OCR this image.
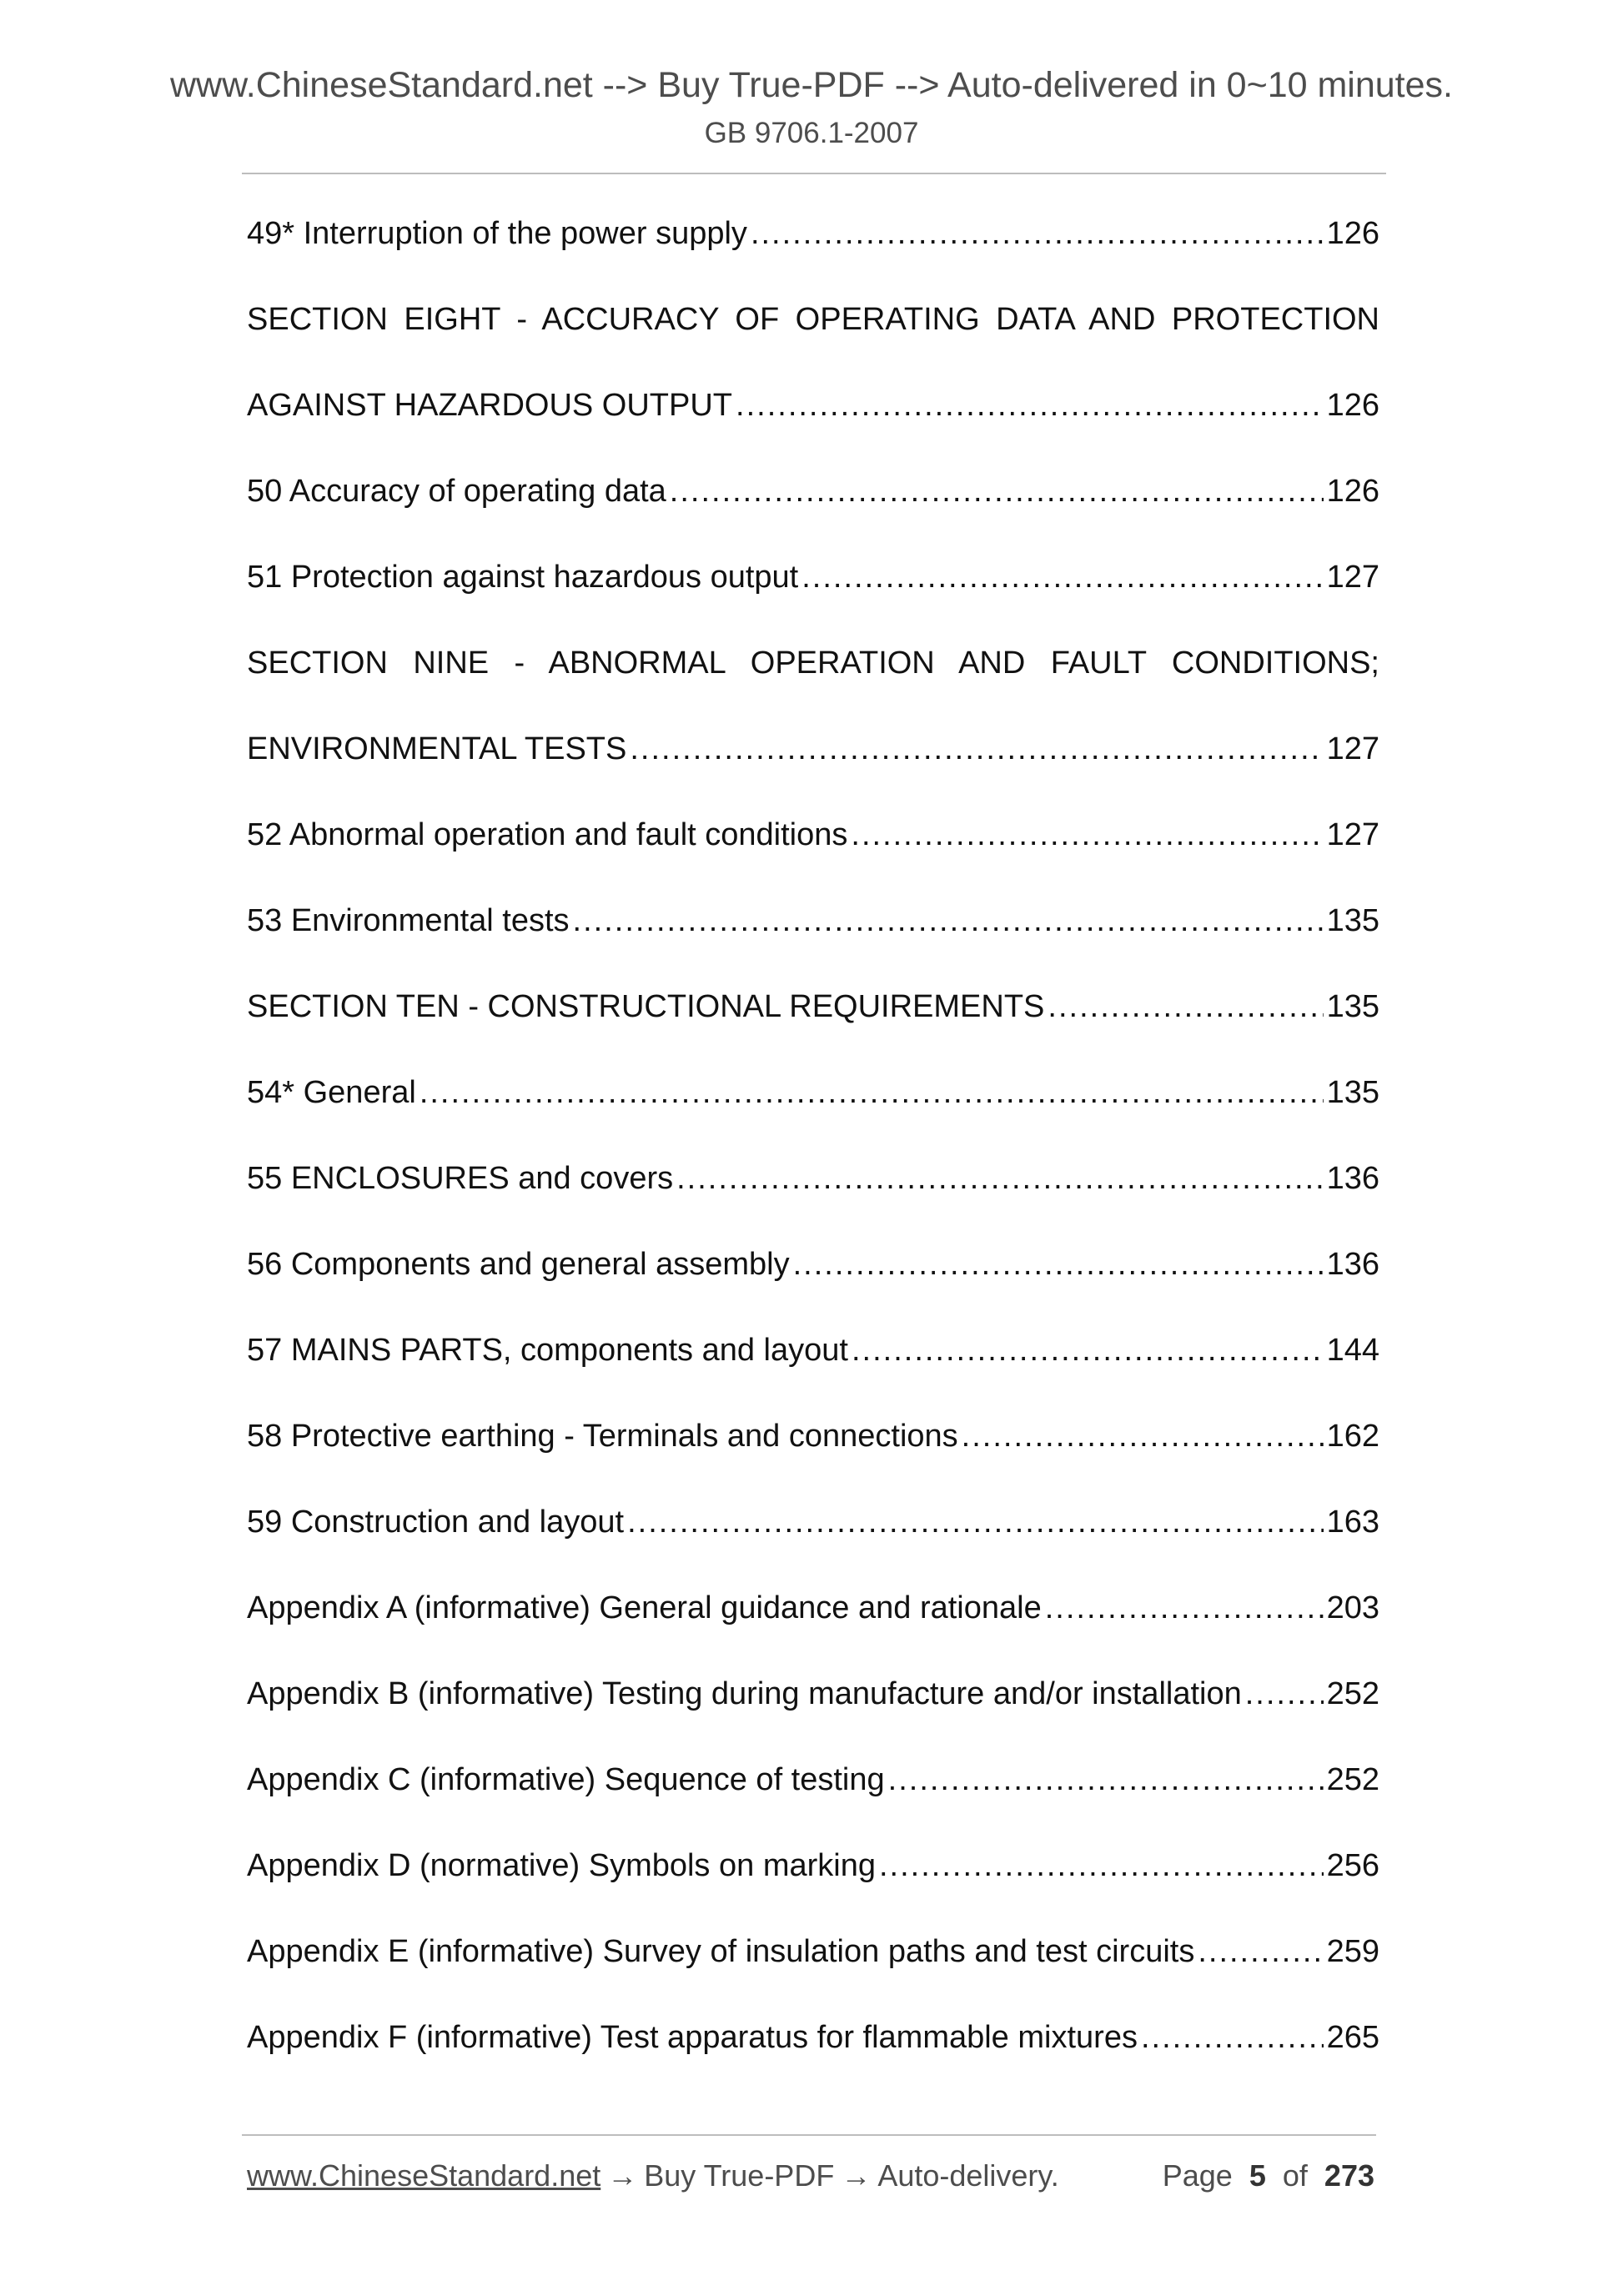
www.ChineseStandard.net --> Buy True-PDF --> Auto-delivered in 0~10 minutes.
GB 9706.1-2007
49* Interruption of the power supply .....	126
SECTION EIGHT - ACCURACY OF OPERATING DATA AND PROTECTION
AGAINST HAZARDOUS OUTPUT .....	126
50 Accuracy of operating data .....	126
51 Protection against hazardous output .....	127
SECTION NINE - ABNORMAL OPERATION AND FAULT CONDITIONS;
ENVIRONMENTAL TESTS .....	127
52 Abnormal operation and fault conditions .....	127
53 Environmental tests .....	135
SECTION TEN - CONSTRUCTIONAL REQUIREMENTS .....	135
54* General .....	135
55 ENCLOSURES and covers .....	136
56 Components and general assembly .....	136
57 MAINS PARTS, components and layout .....	144
58 Protective earthing - Terminals and connections .....	162
59 Construction and layout .....	163
Appendix A (informative) General guidance and rationale .....	203
Appendix B (informative) Testing during manufacture and/or installation .....	252
Appendix C (informative) Sequence of testing .....	252
Appendix D (normative) Symbols on marking .....	256
Appendix E (informative) Survey of insulation paths and test circuits .....	259
Appendix F (informative) Test apparatus for flammable mixtures .....	265
www.ChineseStandard.net → Buy True-PDF → Auto-delivery.	Page 5 of 273
